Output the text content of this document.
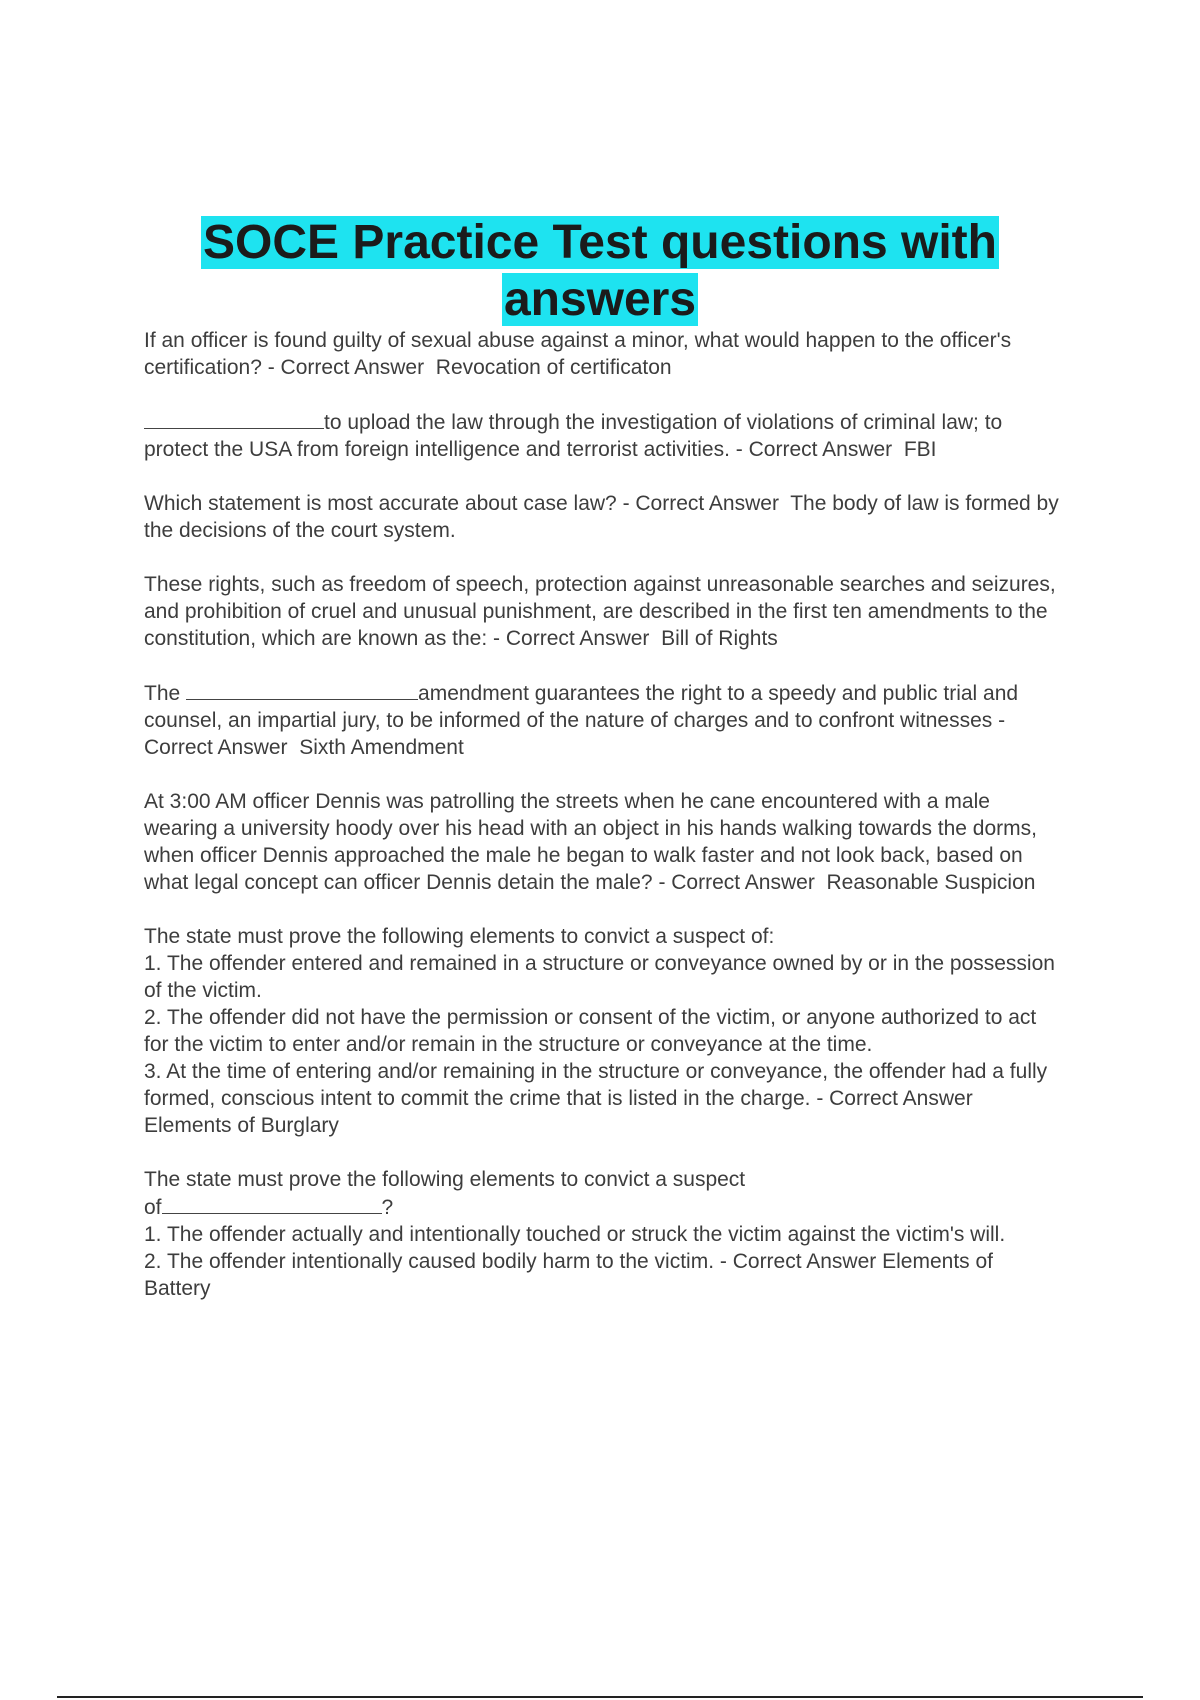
SOCE Practice Test questions with answers

If an officer is found guilty of sexual abuse against a minor, what would happen to the officer's certification? - Correct Answer Revocation of certificaton

to upload the law through the investigation of violations of criminal law; to protect the USA from foreign intelligence and terrorist activities. - Correct Answer FBI

Which statement is most accurate about case law? - Correct Answer The body of law is formed by the decisions of the court system.

These rights, such as freedom of speech, protection against unreasonable searches and seizures, and prohibition of cruel and unusual punishment, are described in the first ten amendments to the constitution, which are known as the: - Correct Answer Bill of Rights

The	amendment guarantees the right to a speedy and public trial and counsel, an impartial jury, to be informed of the nature of charges and to confront witnesses - Correct Answer Sixth Amendment

At 3:00 AM officer Dennis was patrolling the streets when he cane encountered with a male wearing a university hoody over his head with an object in his hands walking towards the dorms, when officer Dennis approached the male he began to walk faster and not look back, based on what legal concept can officer Dennis detain the male? - Correct Answer Reasonable Suspicion

The state must prove the following elements to convict a suspect of:

1. The offender entered and remained in a structure or conveyance owned by or in the possession of the victim.

2. The offender did not have the permission or consent of the victim, or anyone authorized to act for the victim to enter and/or remain in the structure or conveyance at the time.

3. At the time of entering and/or remaining in the structure or conveyance, the offender had a fully formed, conscious intent to commit the crime that is listed in the charge. - Correct Answer  Elements of Burglary

The state must prove the following elements to convict a suspect

of	?

1. The offender actually and intentionally touched or struck the victim against the victim's will.

2. The offender intentionally caused bodily harm to the victim. - Correct Answer Elements of Battery
